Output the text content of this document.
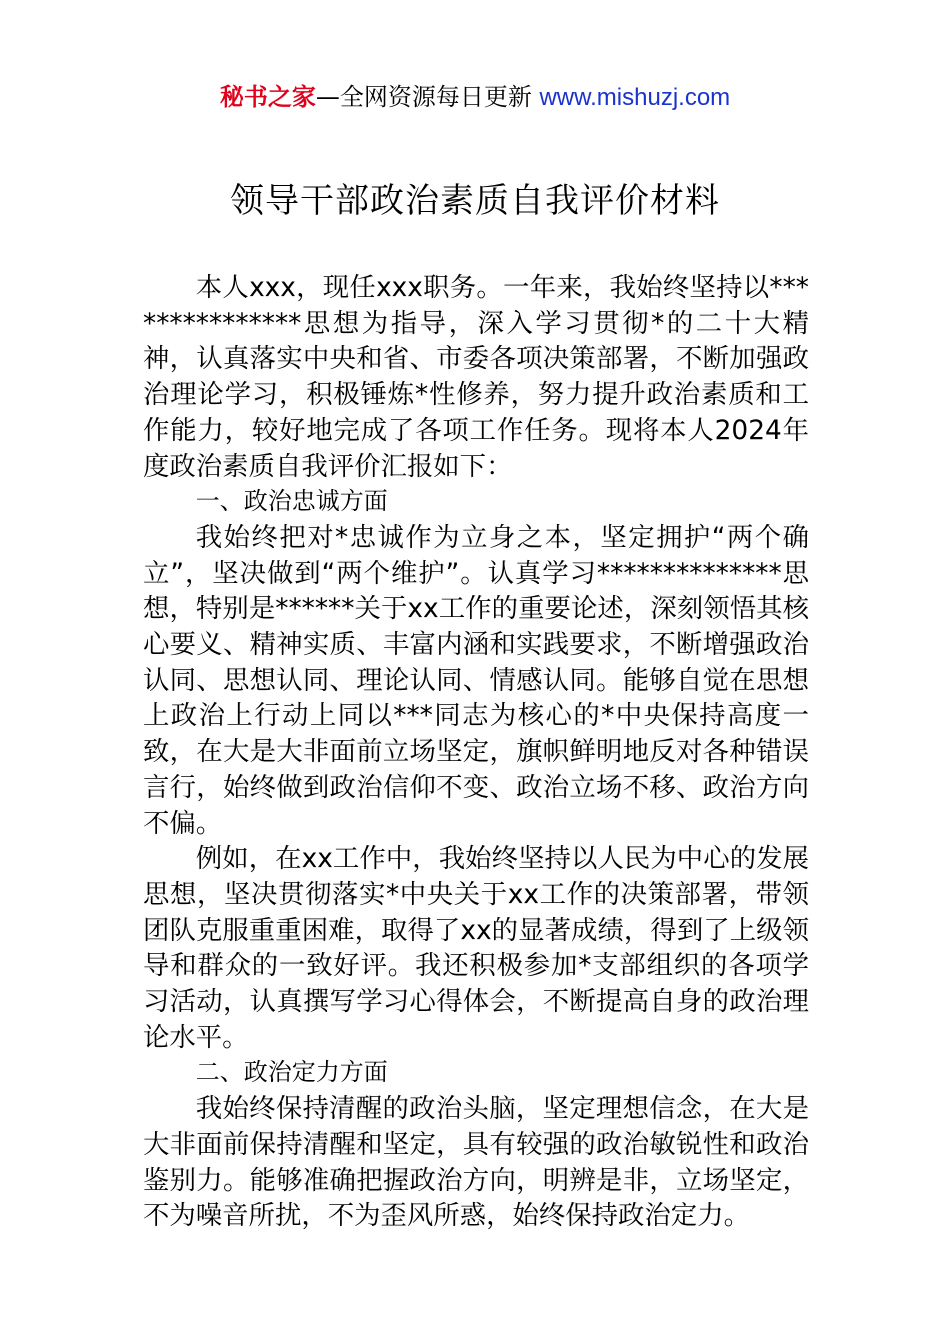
秘书之家—全网资源每日更新 www.mishuzj.com
领导干部政治素质自我评价材料

本人xxx，现任xxx职务。一年来，我始终坚持以***************思想为指导，深入学习贯彻*的二十大精神，认真落实中央和省、市委各项决策部署，不断加强政治理论学习，积极锤炼*性修养，努力提升政治素质和工作能力，较好地完成了各项工作任务。现将本人2024年度政治素质自我评价汇报如下：

一、政治忠诚方面

我始终把对*忠诚作为立身之本，坚定拥护“两个确立”，坚决做到“两个维护”。认真学习**************思想，特别是******关于xx工作的重要论述，深刻领悟其核心要义、精神实质、丰富内涵和实践要求，不断增强政治认同、思想认同、理论认同、情感认同。能够自觉在思想上政治上行动上同以***同志为核心的*中央保持高度一致，在大是大非面前立场坚定，旗帜鲜明地反对各种错误言行，始终做到政治信仰不变、政治立场不移、政治方向不偏。

例如，在xx工作中，我始终坚持以人民为中心的发展思想，坚决贯彻落实*中央关于xx工作的决策部署，带领团队克服重重困难，取得了xx的显著成绩，得到了上级领导和群众的一致好评。我还积极参加*支部组织的各项学习活动，认真撰写学习心得体会，不断提高自身的政治理论水平。

二、政治定力方面

我始终保持清醒的政治头脑，坚定理想信念，在大是大非面前保持清醒和坚定，具有较强的政治敏锐性和政治鉴别力。能够准确把握政治方向，明辨是非，立场坚定，不为噪音所扰，不为歪风所惑，始终保持政治定力。
